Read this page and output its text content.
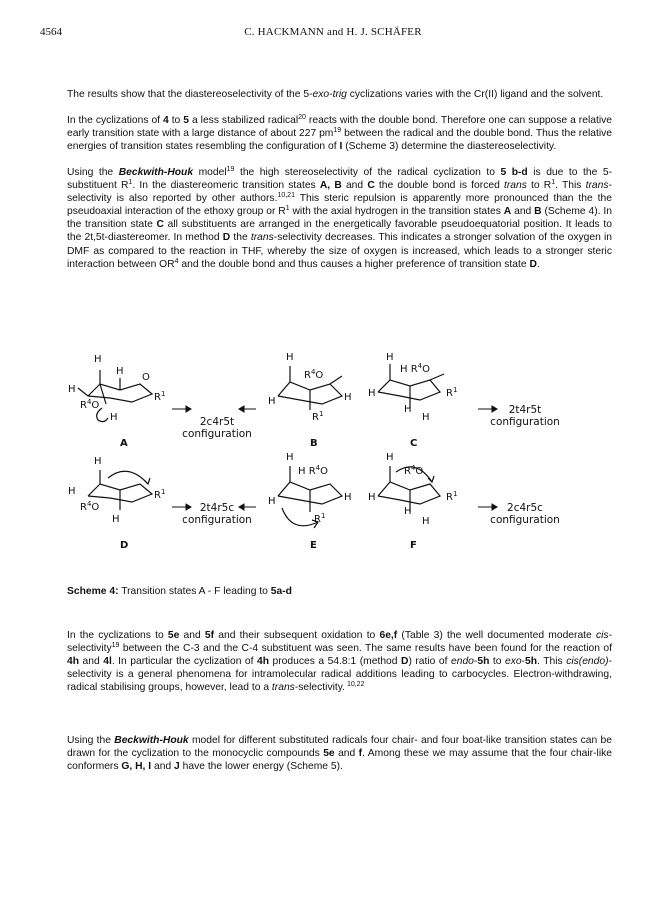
4564	C. HACKMANN and H. J. SCHÄFER

The results show that the diastereoselectivity of the 5-exo-trig cyclizations varies with the Cr(II) ligand and the solvent.

In the cyclizations of 4 to 5 a less stabilized radical$^{20}$ reacts with the double bond. Therefore one can suppose a relative early transition state with a large distance of about 227 $pm^{19}$ between the radical and the double bond. Thus the relative energies of transition states resembling the configuration of I (Scheme 3) determine the diastereoselectivity.

Using the Beckwith-Houk model$^{19}$ the high stereoselectivity of the radical cyclization to 5 b-d is due to the 5-substituent $R^1$. In the diastereomeric transition states A, B and C the double bond is forced trans to $R^1$. This trans-selectivity is also reported by other authors.$^{10,21}$ This steric repulsion is apparently more pronounced than the the pseudoaxial interaction of the ethoxy group or $R^1$ with the axial hydrogen in the transition states A and B (Scheme 4). In the transition state C all substituents are arranged in the energetically favorable pseudoequatorial position. It leads to the 2t,5t-diastereomer. In method D the trans-selectivity decreases. This indicates a stronger solvation of the oxygen in DMF as compared to the reaction in THF, whereby the size of oxygen is increased, which leads to a stronger steric interaction between $OR^4$ and the double bond and thus causes a higher preference of transition state D.

H
H
O
$R^1$
H
$R^4O$
H
H
$R^4O$
H	H
$R^1$
H
H $R^4O$
H	$R^1$
H
H
H
H	$R^1$
$R^4O$
H
H
H $R^4O$
H	H
$R^1$
H
$R^4O$
H	$R^1$
H
H
2c4r5t
configuration
2t4r5t
configuration
2t4r5c
configuration
2c4r5c
configuration
A	B	C
D	E	F
Scheme 4: Transition states A - F leading to 5a-d

In the cyclizations to 5e and 5f and their subsequent oxidation to 6e,f (Table 3) the well documented moderate cis-selectivity$^{19}$ between the C-3 and the C-4 substituent was seen. The same results have been found for the reaction of 4h and 4l. In particular the cyclization of 4h produces a 54.8:1 (method D) ratio of endo-5h to exo-5h. This cis(endo)-selectivity is a general phenomena for intramolecular radical additions leading to carbocycles. Electron-withdrawing, radical stabilising groups, however, lead to a trans-selectivity. $^{10,22}$

Using the Beckwith-Houk model for different substituted radicals four chair- and four boat-like transition states can be drawn for the cyclization to the monocyclic compounds 5e and f. Among these we may assume that the four chair-like conformers G, H, I and J have the lower energy (Scheme 5).
